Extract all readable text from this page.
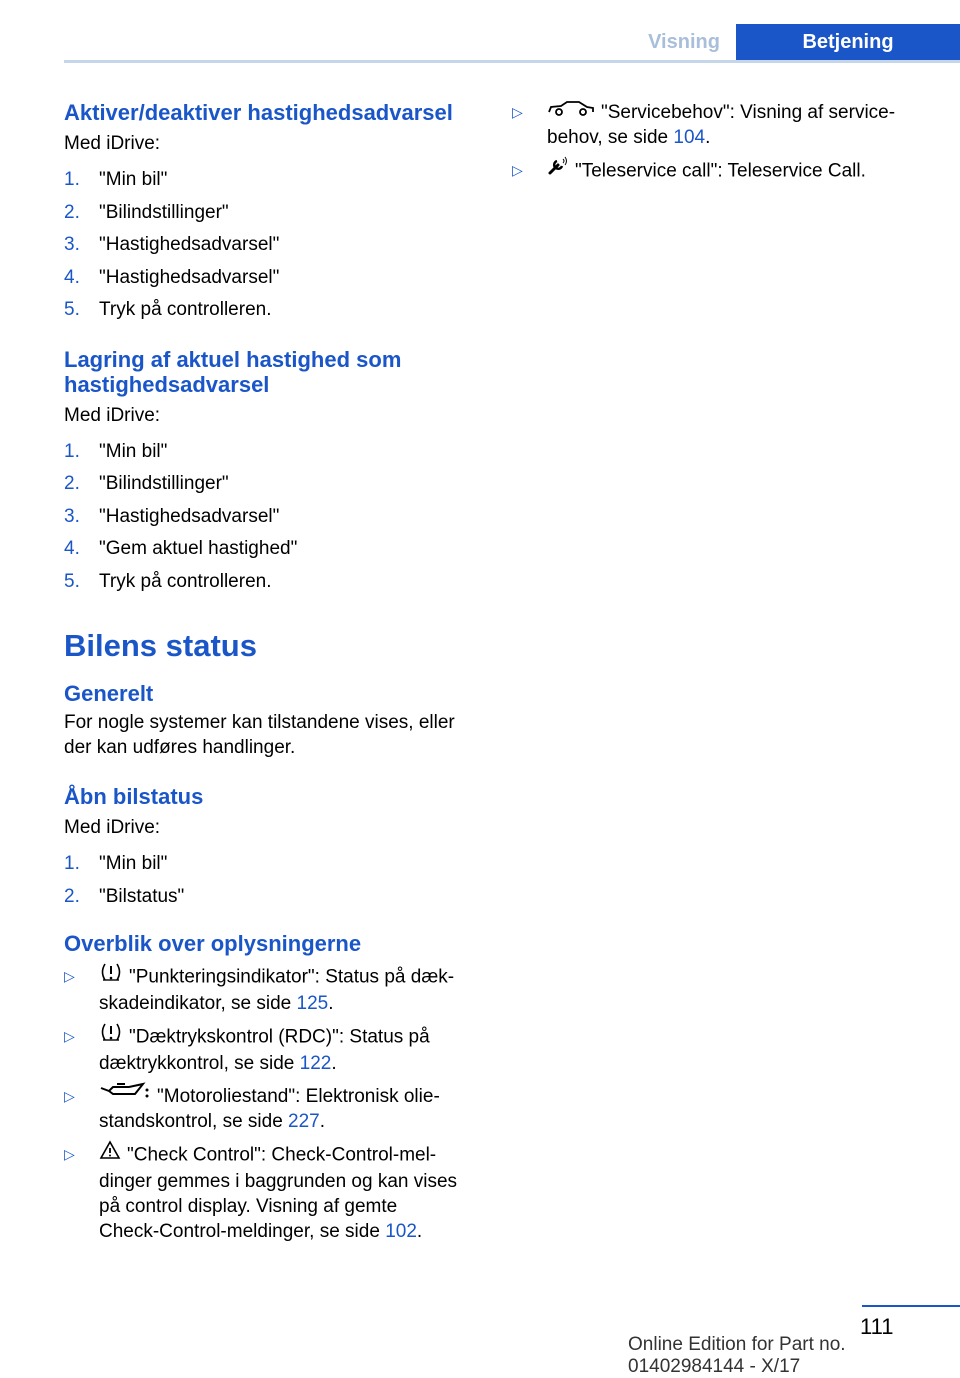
Visning	Betjening
Aktiver/deaktiver hastighedsadvarsel

Med iDrive:

1. "Min bil"
2. "Bilindstillinger"
3. "Hastighedsadvarsel"
4. "Hastighedsadvarsel"
5. Tryk på controlleren.
Lagring af aktuel hastighed som
hastighedsadvarsel

Med iDrive:

1. "Min bil"
2. "Bilindstillinger"
3. "Hastighedsadvarsel"
4. "Gem aktuel hastighed"
5. Tryk på controlleren.
Bilens status
Generelt

For nogle systemer kan tilstandene vises, eller
der kan udføres handlinger.

Åbn bilstatus

Med iDrive:

1. "Min bil"
2. "Bilstatus"
Overblik over oplysningerne
▷	"Punkteringsindikator": Status på dæk-
skadeindikator, se side 125.
▷	"Dæktrykskontrol (RDC)": Status på
dæktrykkontrol, se side 122.
▷	"Motoroliestand": Elektronisk olie-
standskontrol, se side 227.
▷	"Check Control": Check-Control-mel-
dinger gemmes i baggrunden og kan vises
på control display. Visning af gemte
Check-Control-meldinger, se side 102.
▷	"Servicebehov": Visning af service-
behov, se side 104.
▷	"Teleservice call": Teleservice Call.
111
Online Edition for Part no. 01402984144 - X/17
